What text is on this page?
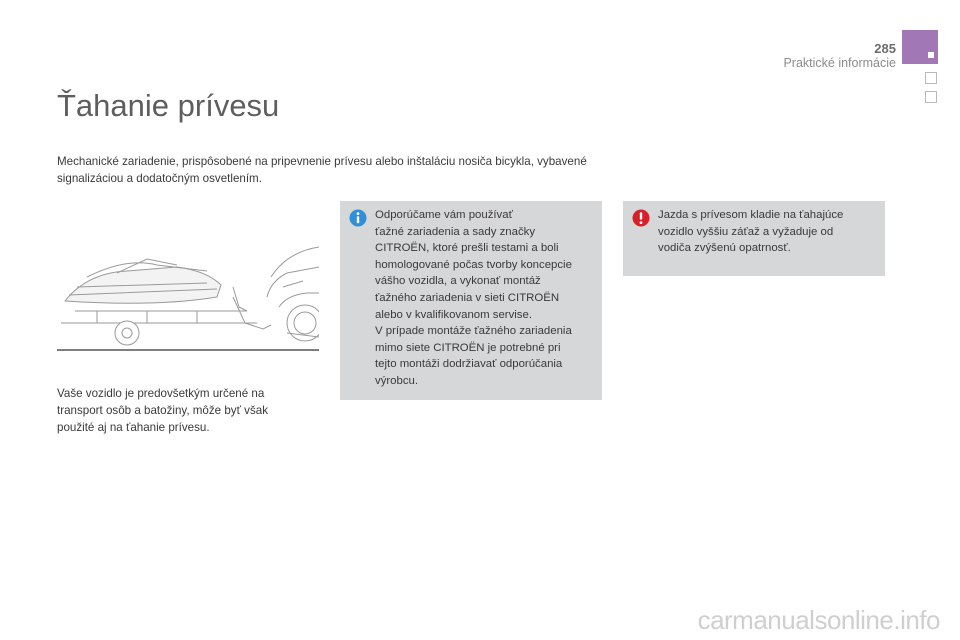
285
Praktické informácie
Ťahanie prívesu
Mechanické zariadenie, prispôsobené na pripevnenie prívesu alebo inštaláciu nosiča bicykla, vybavené signalizáciou a dodatočným osvetlením.
Vaše vozidlo je predovšetkým určené na transport osôb a batožiny, môže byť však použité aj na ťahanie prívesu.
Odporúčame vám používať
ťažné zariadenia a sady značky
CITROËN, ktoré prešli testami a boli
homologované počas tvorby koncepcie
vášho vozidla, a vykonať montáž
ťažného zariadenia v sieti CITROËN
alebo v kvalifikovanom servise.
V prípade montáže ťažného zariadenia
mimo siete CITROËN je potrebné pri
tejto montáži dodržiavať odporúčania
výrobcu.
Jazda s prívesom kladie na ťahajúce
vozidlo vyššiu záťaž a vyžaduje od
vodiča zvýšenú opatrnosť.
carmanualsonline.info
